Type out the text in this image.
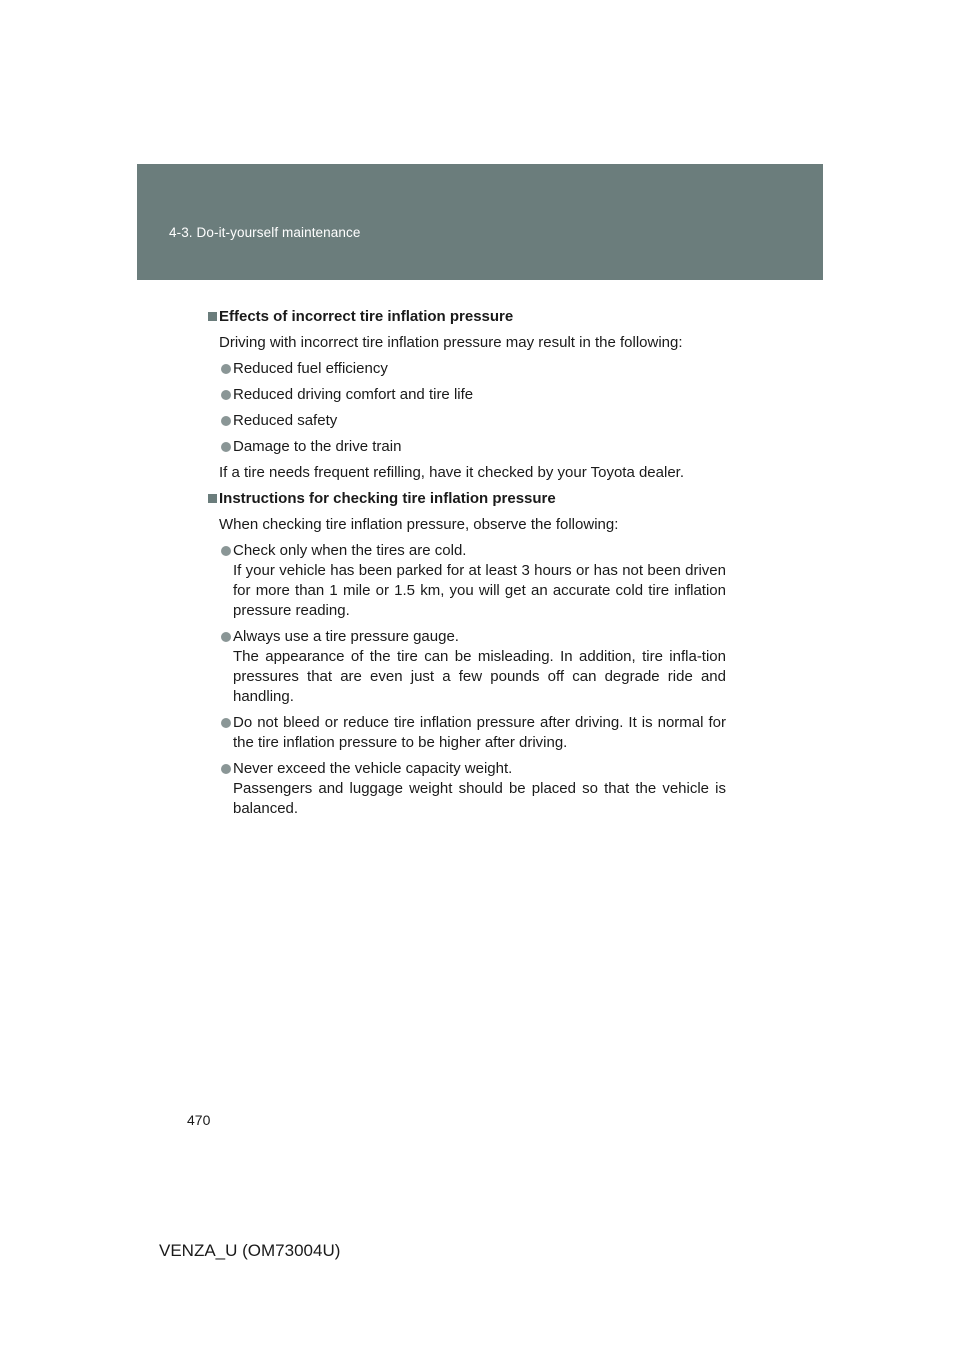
4-3. Do-it-yourself maintenance
Effects of incorrect tire inflation pressure
Driving with incorrect tire inflation pressure may result in the following:
Reduced fuel efficiency
Reduced driving comfort and tire life
Reduced safety
Damage to the drive train
If a tire needs frequent refilling, have it checked by your Toyota dealer.
Instructions for checking tire inflation pressure
When checking tire inflation pressure, observe the following:
Check only when the tires are cold.
If your vehicle has been parked for at least 3 hours or has not been driven for more than 1 mile or 1.5 km, you will get an accurate cold tire inflation pressure reading.
Always use a tire pressure gauge.
The appearance of the tire can be misleading. In addition, tire infla-tion pressures that are even just a few pounds off can degrade ride and handling.
Do not bleed or reduce tire inflation pressure after driving. It is normal for the tire inflation pressure to be higher after driving.
Never exceed the vehicle capacity weight.
Passengers and luggage weight should be placed so that the vehicle is balanced.
470
VENZA_U (OM73004U)
